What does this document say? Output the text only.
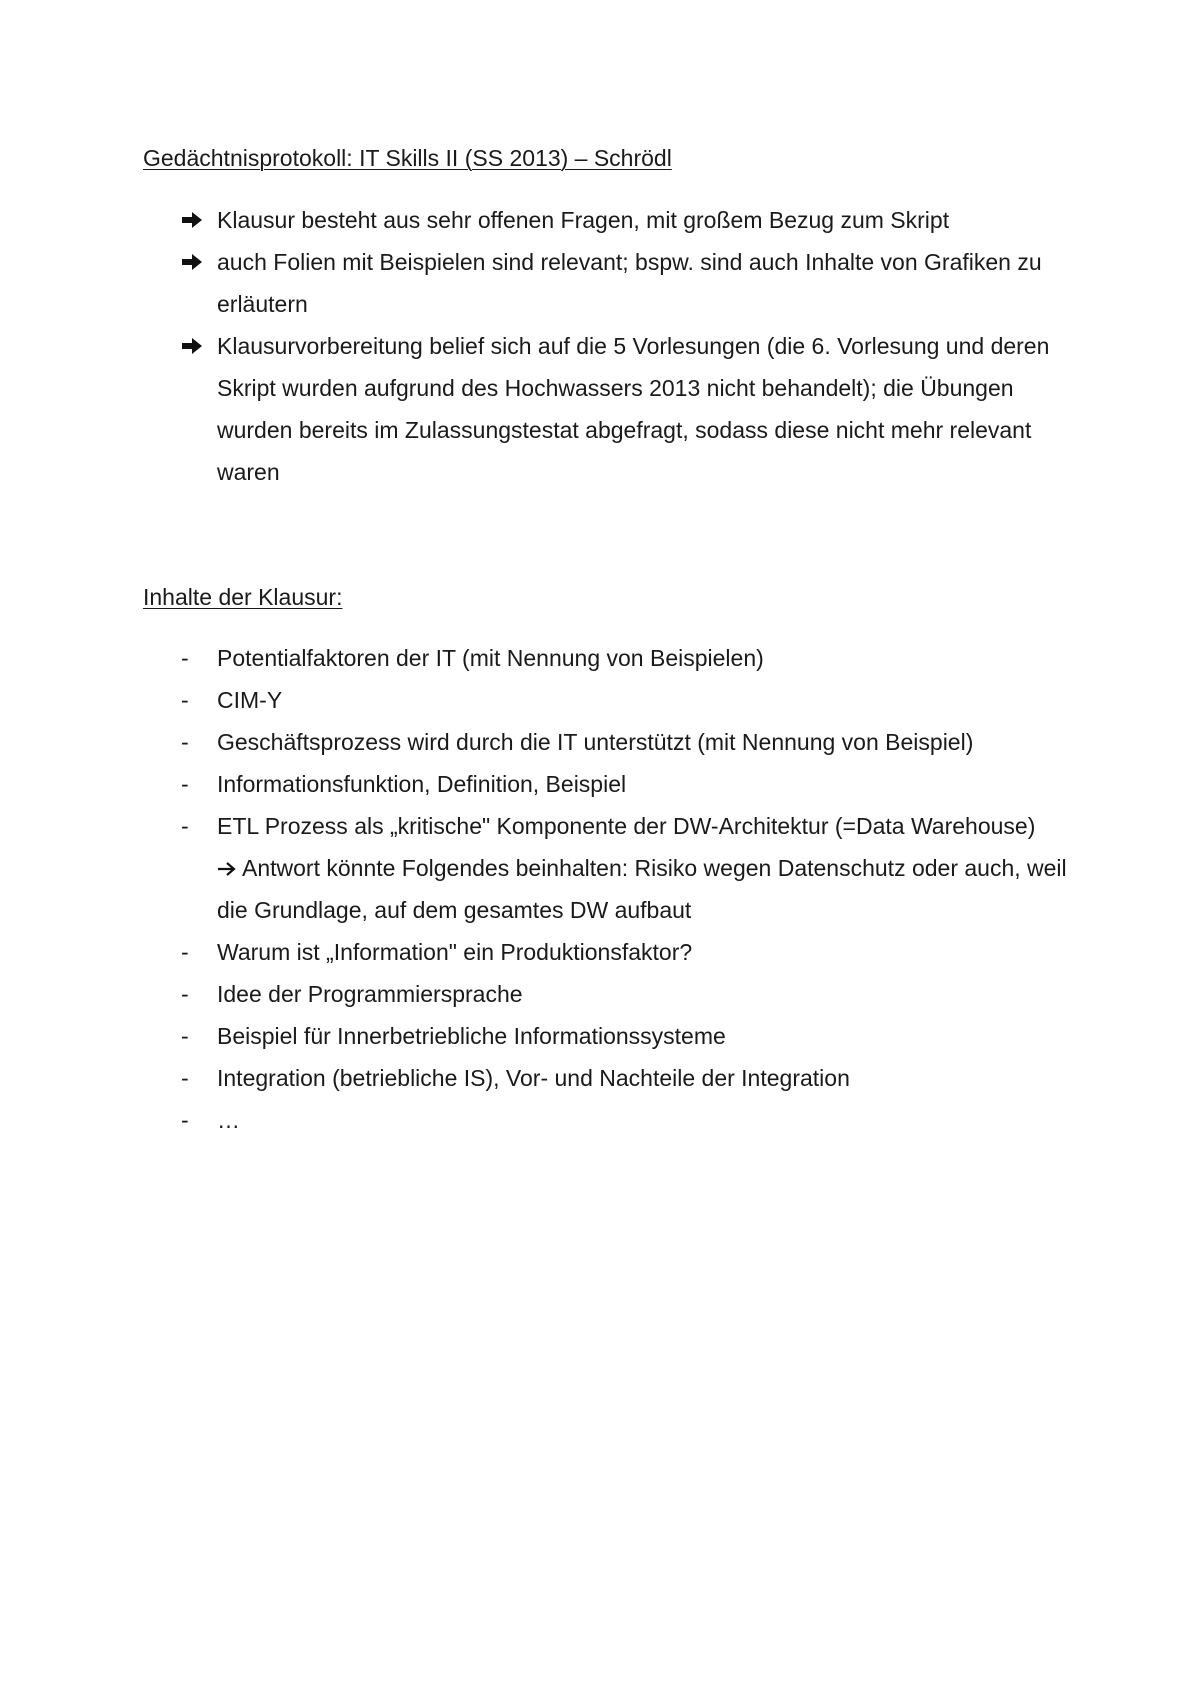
Gedächtnisprotokoll: IT Skills II (SS 2013) – Schrödl
Klausur besteht aus sehr offenen Fragen, mit großem Bezug zum Skript
auch Folien mit Beispielen sind relevant; bspw. sind auch Inhalte von Grafiken zu erläutern
Klausurvorbereitung belief sich auf die 5 Vorlesungen (die 6. Vorlesung und deren Skript wurden aufgrund des Hochwassers 2013 nicht behandelt); die Übungen wurden bereits im Zulassungstestat abgefragt, sodass diese nicht mehr relevant waren
Inhalte der Klausur:
- Potentialfaktoren der IT (mit Nennung von Beispielen)
- CIM-Y
- Geschäftsprozess wird durch die IT unterstützt (mit Nennung von Beispiel)
- Informationsfunktion, Definition, Beispiel
- ETL Prozess als „kritische" Komponente der DW-Architektur (=Data Warehouse)
Antwort könnte Folgendes beinhalten: Risiko wegen Datenschutz oder auch, weil die Grundlage, auf dem gesamtes DW aufbaut
- Warum ist „Information" ein Produktionsfaktor?
- Idee der Programmiersprache
- Beispiel für Innerbetriebliche Informationssysteme
- Integration (betriebliche IS), Vor- und Nachteile der Integration
- …
